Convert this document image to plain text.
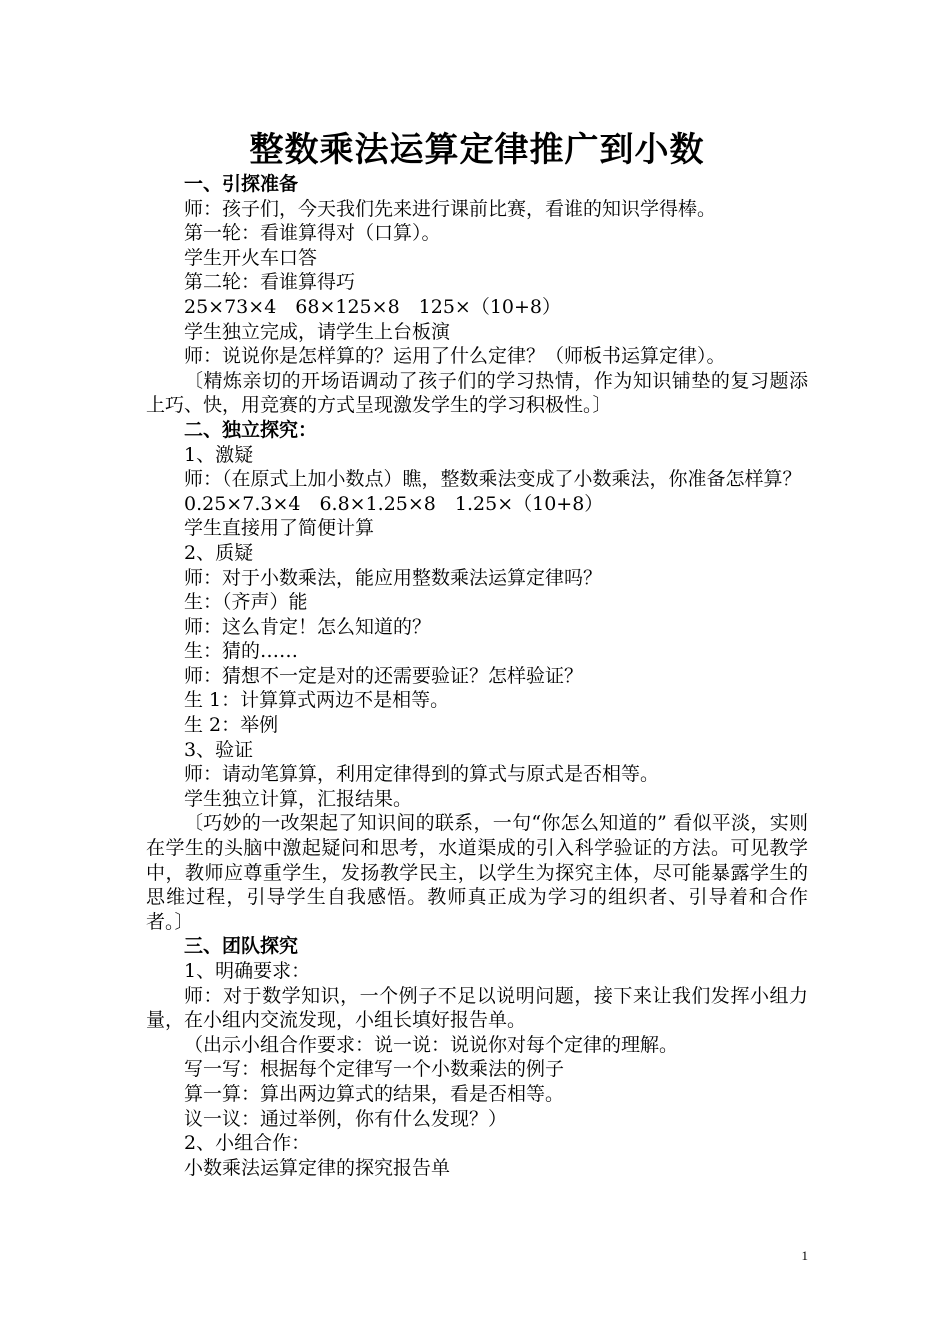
整数乘法运算定律推广到小数

一、引探准备

师：孩子们，今天我们先来进行课前比赛，看谁的知识学得棒。

第一轮：看谁算得对（口算）。

学生开火车口答

第二轮：看谁算得巧

25×73×4　68×125×8　125×（10+8）

学生独立完成，请学生上台板演

师：说说你是怎样算的？运用了什么定律？（师板书运算定律）。

〔精炼亲切的开场语调动了孩子们的学习热情，作为知识铺垫的复习题添上巧、快，用竞赛的方式呈现激发学生的学习积极性。〕

二、独立探究：

1、激疑

师：（在原式上加小数点）瞧，整数乘法变成了小数乘法，你准备怎样算？

0.25×7.3×4　6.8×1.25×8　1.25×（10+8）

学生直接用了简便计算

2、质疑

师：对于小数乘法，能应用整数乘法运算定律吗？

生：（齐声）能

师：这么肯定！怎么知道的？

生：猜的……

师：猜想不一定是对的还需要验证？怎样验证？

生 1：计算算式两边不是相等。

生 2：举例

3、验证

师：请动笔算算，利用定律得到的算式与原式是否相等。

学生独立计算，汇报结果。

〔巧妙的一改架起了知识间的联系，一句“你怎么知道的” 看似平淡，实则在学生的头脑中激起疑问和思考，水道渠成的引入科学验证的方法。可见教学中，教师应尊重学生，发扬教学民主，以学生为探究主体，尽可能暴露学生的思维过程，引导学生自我感悟。教师真正成为学习的组织者、引导着和合作者。〕

三、团队探究

1、明确要求：

师：对于数学知识，一个例子不足以说明问题，接下来让我们发挥小组力量，在小组内交流发现，小组长填好报告单。

（出示小组合作要求：说一说：说说你对每个定律的理解。

写一写：根据每个定律写一个小数乘法的例子

算一算：算出两边算式的结果，看是否相等。

议一议：通过举例，你有什么发现？）

2、小组合作：

小数乘法运算定律的探究报告单

1
